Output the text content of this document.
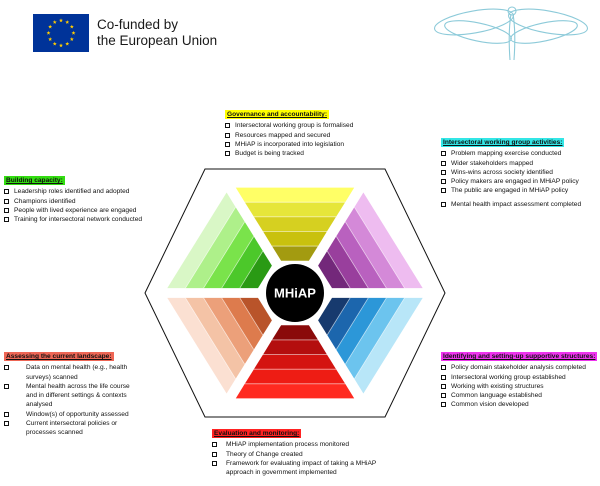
Co-funded by
the European Union
MHiAP
Governance and accountability:
Intersectoral working group is formalised
Resources mapped and secured
MHiAP is incorporated into legislation
Budget is being tracked
Intersectoral working group activities:
Problem mapping exercise conducted
Wider stakeholders mapped
Wins-wins across society identified
Policy makers are engaged in MHiAP policy
The public are engaged in MHiAP policy
Mental health impact assessment completed
Building capacity:
Leadership roles identified and adopted
Champions identified
People with lived experience are engaged
Training for intersectoral network conducted
Assessing the current landscape:
Data on mental health (e.g., health surveys) scanned
Mental health across the life course and in different settings & contexts analysed
Window(s) of opportunity assessed
Current intersectoral policies or processes scanned
Identifying and setting-up supportive structures:
Policy domain stakeholder analysis completed
Intersectoral working group established
Working with existing structures
Common language established
Common vision developed
Evaluation and monitoring:
MHiAP implementation process monitored
Theory of Change created
Framework for evaluating impact of taking a MHiAP approach in government implemented
